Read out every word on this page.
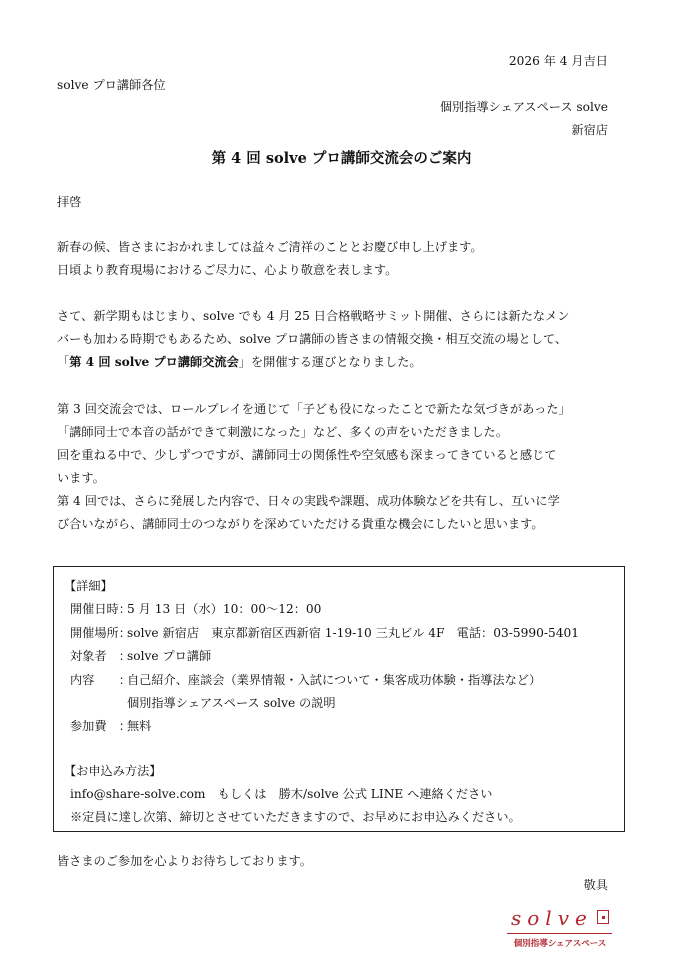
2026 年 4 月吉日
solve プロ講師各位
個別指導シェアスペース solve
新宿店
第 4 回 solve プロ講師交流会のご案内
拝啓
新春の候、皆さまにおかれましては益々ご清祥のこととお慶び申し上げます。
日頃より教育現場におけるご尽力に、心より敬意を表します。
さて、新学期もはじまり、solve でも 4 月 25 日合格戦略サミット開催、さらには新たなメン
バーも加わる時期でもあるため、solve プロ講師の皆さまの情報交換・相互交流の場として、
「第 4 回 solve プロ講師交流会」を開催する運びとなりました。
第 3 回交流会では、ロールプレイを通じて「子ども役になったことで新たな気づきがあった」
「講師同士で本音の話ができて刺激になった」など、多くの声をいただきました。
回を重ねる中で、少しずつですが、講師同士の関係性や空気感も深まってきていると感じて
います。
第 4 回では、さらに発展した内容で、日々の実践や課題、成功体験などを共有し、互いに学
び合いながら、講師同士のつながりを深めていただける貴重な機会にしたいと思います。
【詳細】
開催日時：
5 月 13 日（水）10：00〜12：00
開催場所：
solve 新宿店　東京都新宿区西新宿 1-19-10 三丸ビル 4F　電話：03-5990-5401
対象者　：
solve プロ講師
内容　　：
自己紹介、座談会（業界情報・入試について・集客成功体験・指導法など）
個別指導シェアスペース solve の説明
参加費　：
無料
【お申込み方法】
info@share-solve.com　もしくは　勝木/solve 公式 LINE へ連絡ください
※定員に達し次第、締切とさせていただきますので、お早めにお申込みください。
皆さまのご参加を心よりお待ちしております。
敬具
solve
個別指導シェアスペース
